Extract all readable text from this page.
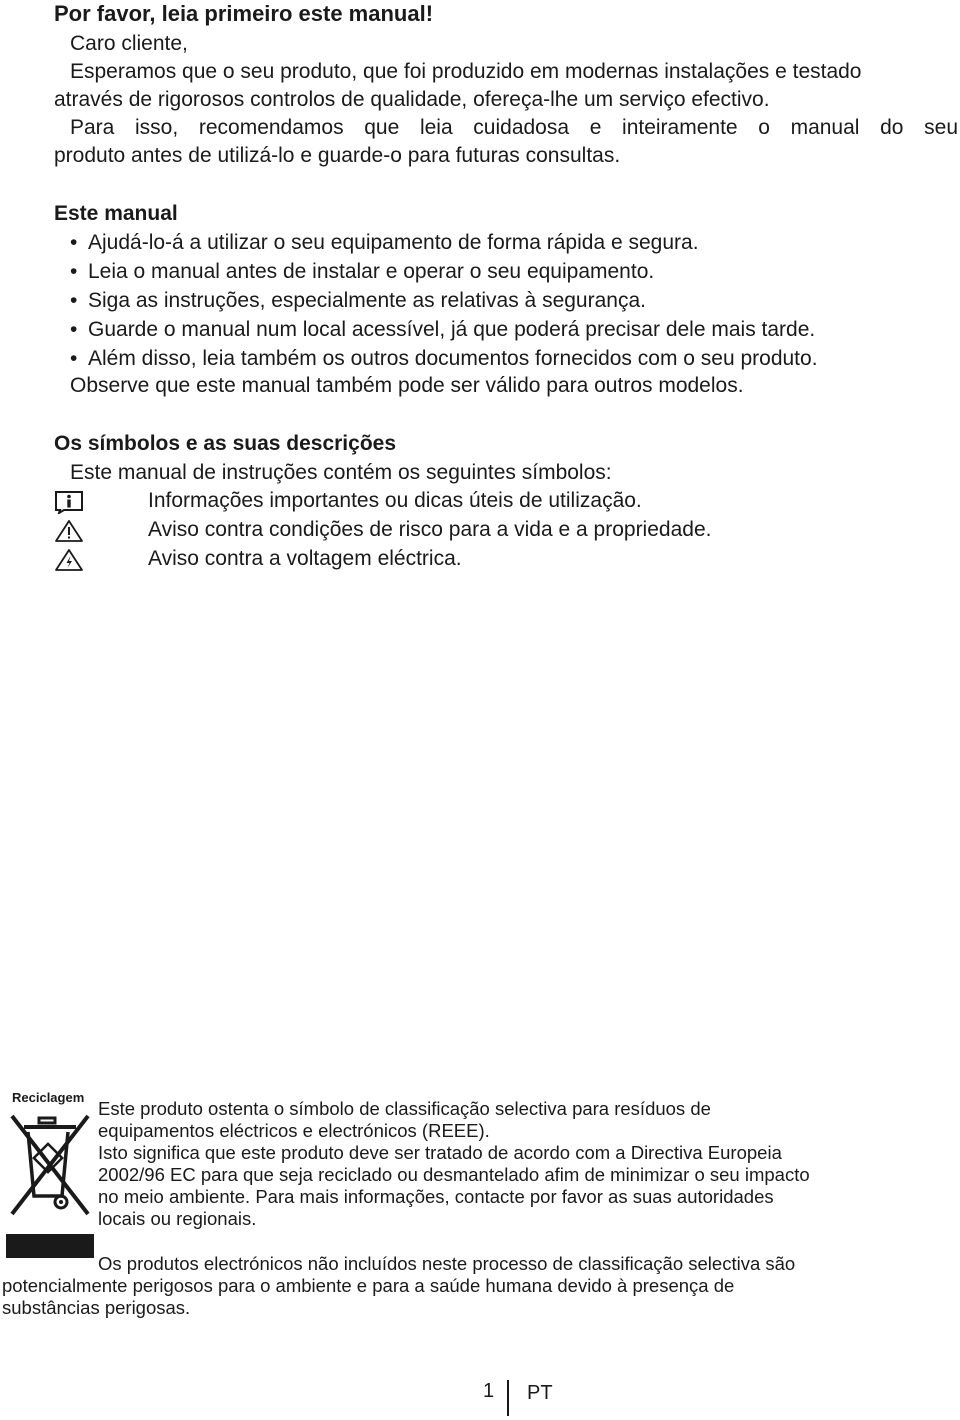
Por favor, leia primeiro este manual!
Caro cliente,
Esperamos que o seu produto, que foi produzido em modernas instalações e testado
através de rigorosos controlos de qualidade, ofereça-lhe um serviço efectivo.
Para isso, recomendamos que leia cuidadosa e inteiramente o manual do seu
produto antes de utilizá-lo e guarde-o para futuras consultas.
Este manual
• Ajudá-lo-á a utilizar o seu equipamento de forma rápida e segura.
• Leia o manual antes de instalar e operar o seu equipamento.
• Siga as instruções, especialmente as relativas à segurança.
• Guarde o manual num local acessível, já que poderá precisar dele mais tarde.
• Além disso, leia também os outros documentos fornecidos com o seu produto.
Observe que este manual também pode ser válido para outros modelos.
Os símbolos e as suas descrições
Este manual de instruções contém os seguintes símbolos:
Informações importantes ou dicas úteis de utilização.
Aviso contra condições de risco para a vida e a propriedade.
Aviso contra a voltagem eléctrica.
Reciclagem
Este produto ostenta o símbolo de classificação selectiva para resíduos de
equipamentos eléctricos e electrónicos (REEE).
Isto significa que este produto deve ser tratado de acordo com a Directiva Europeia
2002/96 EC para que seja reciclado ou desmantelado afim de minimizar o seu impacto
no meio ambiente. Para mais informações, contacte por favor as suas autoridades
locais ou regionais.
Os produtos electrónicos não incluídos neste processo de classificação selectiva são
potencialmente perigosos para o ambiente e para a saúde humana devido à presença de
substâncias perigosas.
1 PT
